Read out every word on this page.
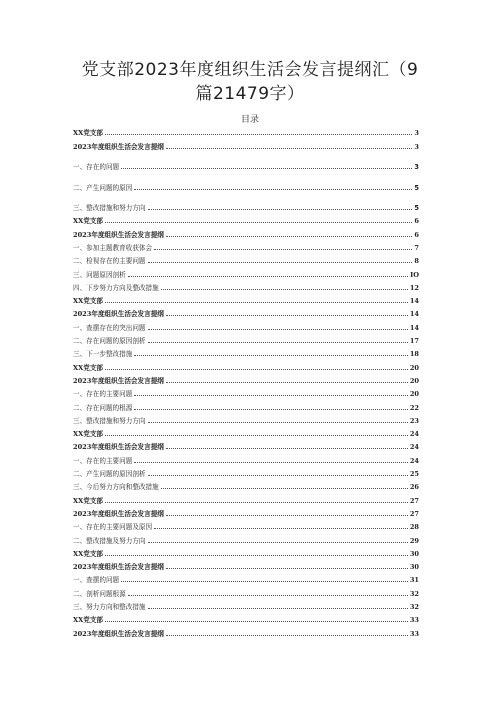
党支部2023年度组织生活会发言提纲汇（9
篇21479字）
目录
XX党支部	3
2023年度组织生活会发言提纲	3
一、存在的问题	3
二、产生问题的原因	5
三、整改措施和努力方向	5
XX党支部	6
2023年度组织生活会发言提纲	6
一、参加主题教育收获体会	7
二、检视存在的主要问题	8
三、问题原因剖析	IO
四、下步努力方向及整改措施	12
XX党支部	14
2023年度组织生活会发言提纲	14
一、查摆存在的突出问题	14
二、存在问题的原因剖析	17
三、下一步整改措施	18
XX党支部	20
2023年度组织生活会发言提纲	20
一、存在的主要问题	20
二、存在问题的根源	22
三、整改措施和努力方向	23
XX党支部	24
2023年度组织生活会发言提纲	24
一、存在的主要问题	24
二、产生问题的原因剖析	25
三、今后努力方向和整改措施	26
XX党支部	27
2023年度组织生活会发言提纲	27
一、存在的主要问题及原因	28
二、整改措施及努力方向	29
XX党支部	30
2023年度组织生活会发言提纲	30
一、查摆的问题	31
二、剖析问题根源	32
三、努力方向和整改措施	32
XX党支部	33
2023年度组织生活会发言提纲	33
